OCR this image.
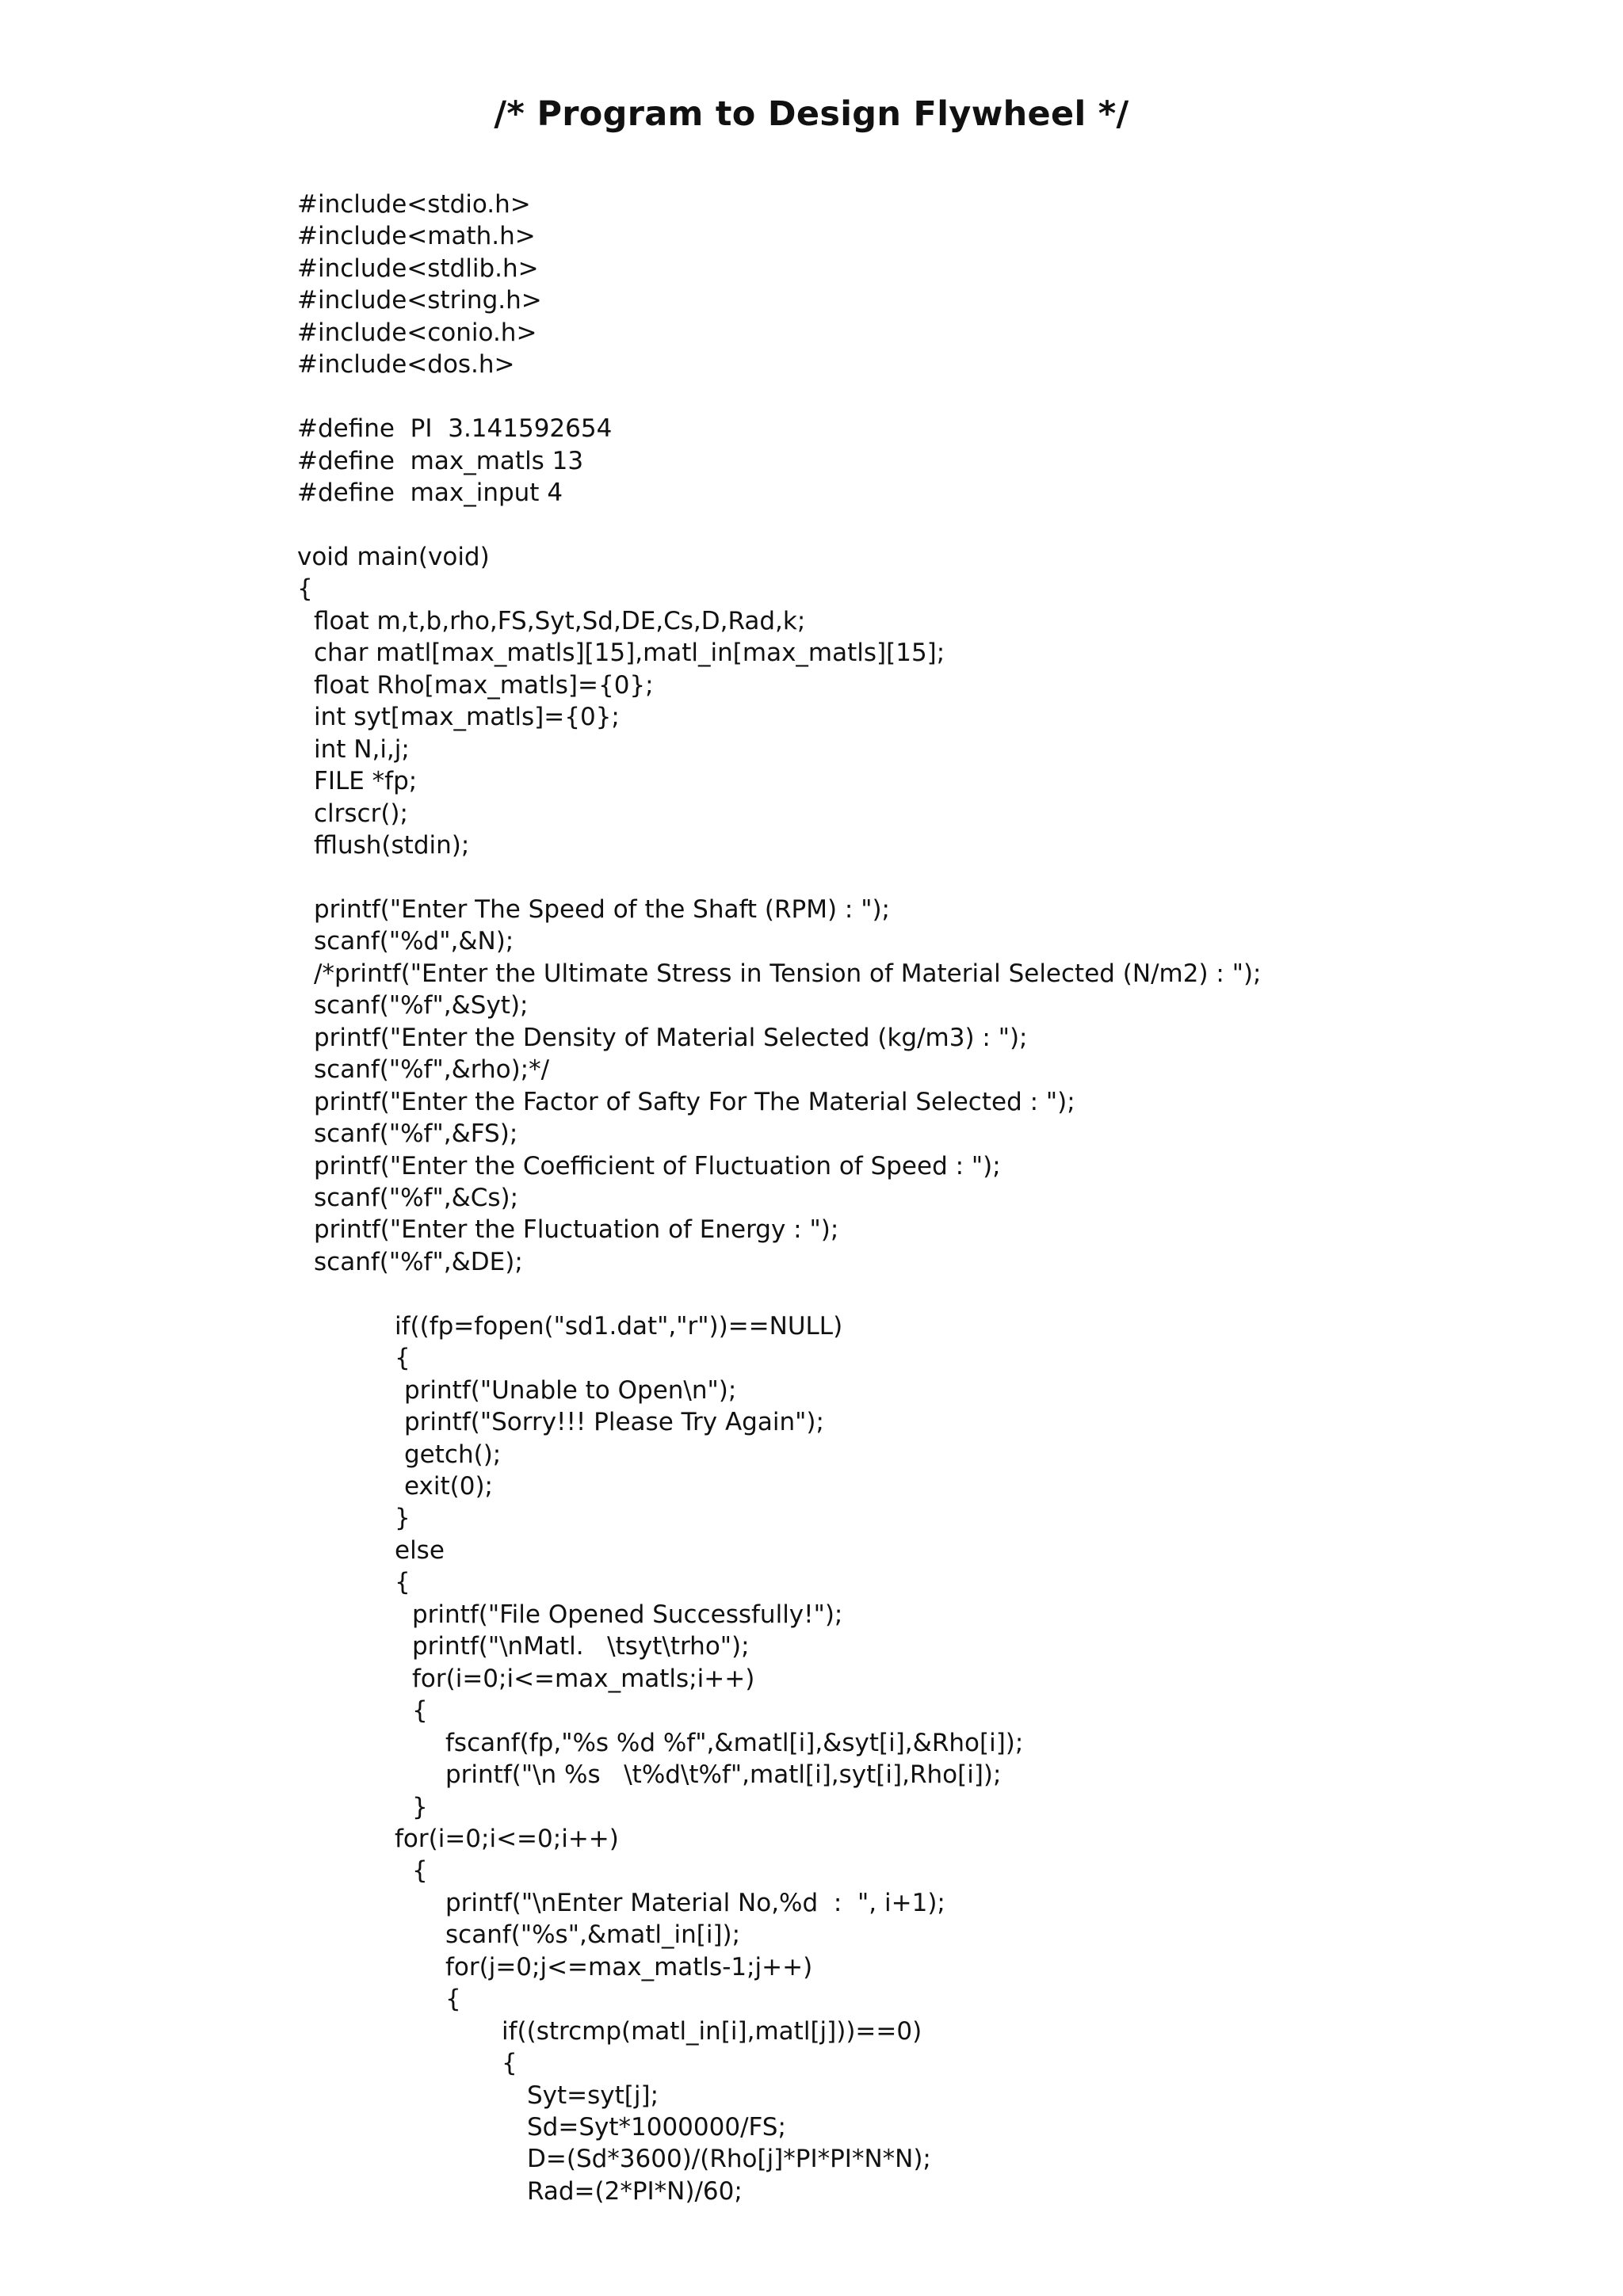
/* Program to Design Flywheel */
#include<stdio.h>
#include<math.h>
#include<stdlib.h>
#include<string.h>
#include<conio.h>
#include<dos.h>
#define  PI  3.141592654
#define  max_matls 13
#define  max_input 4
void main(void)
{
float m,t,b,rho,FS,Syt,Sd,DE,Cs,D,Rad,k;
char matl[max_matls][15],matl_in[max_matls][15];
float Rho[max_matls]={0};
int syt[max_matls]={0};
int N,i,j;
FILE *fp;
clrscr();
fflush(stdin);
printf("Enter The Speed of the Shaft (RPM) : ");
scanf("%d",&N);
/*printf("Enter the Ultimate Stress in Tension of Material Selected (N/m2) : ");
scanf("%f",&Syt);
printf("Enter the Density of Material Selected (kg/m3) : ");
scanf("%f",&rho);*/
printf("Enter the Factor of Safty For The Material Selected : ");
scanf("%f",&FS);
printf("Enter the Coefficient of Fluctuation of Speed : ");
scanf("%f",&Cs);
printf("Enter the Fluctuation of Energy : ");
scanf("%f",&DE);
if((fp=fopen("sd1.dat","r"))==NULL)
{
printf("Unable to Open\n");
printf("Sorry!!! Please Try Again");
getch();
exit(0);
}
else
{
printf("File Opened Successfully!");
printf("\nMatl.   \tsyt\trho");
for(i=0;i<=max_matls;i++)
{
fscanf(fp,"%s %d %f",&matl[i],&syt[i],&Rho[i]);
printf("\n %s   \t%d\t%f",matl[i],syt[i],Rho[i]);
}
for(i=0;i<=0;i++)
{
printf("\nEnter Material No,%d  :  ", i+1);
scanf("%s",&matl_in[i]);
for(j=0;j<=max_matls-1;j++)
{
if((strcmp(matl_in[i],matl[j]))==0)
{
Syt=syt[j];
Sd=Syt*1000000/FS;
D=(Sd*3600)/(Rho[j]*PI*PI*N*N);
Rad=(2*PI*N)/60;
